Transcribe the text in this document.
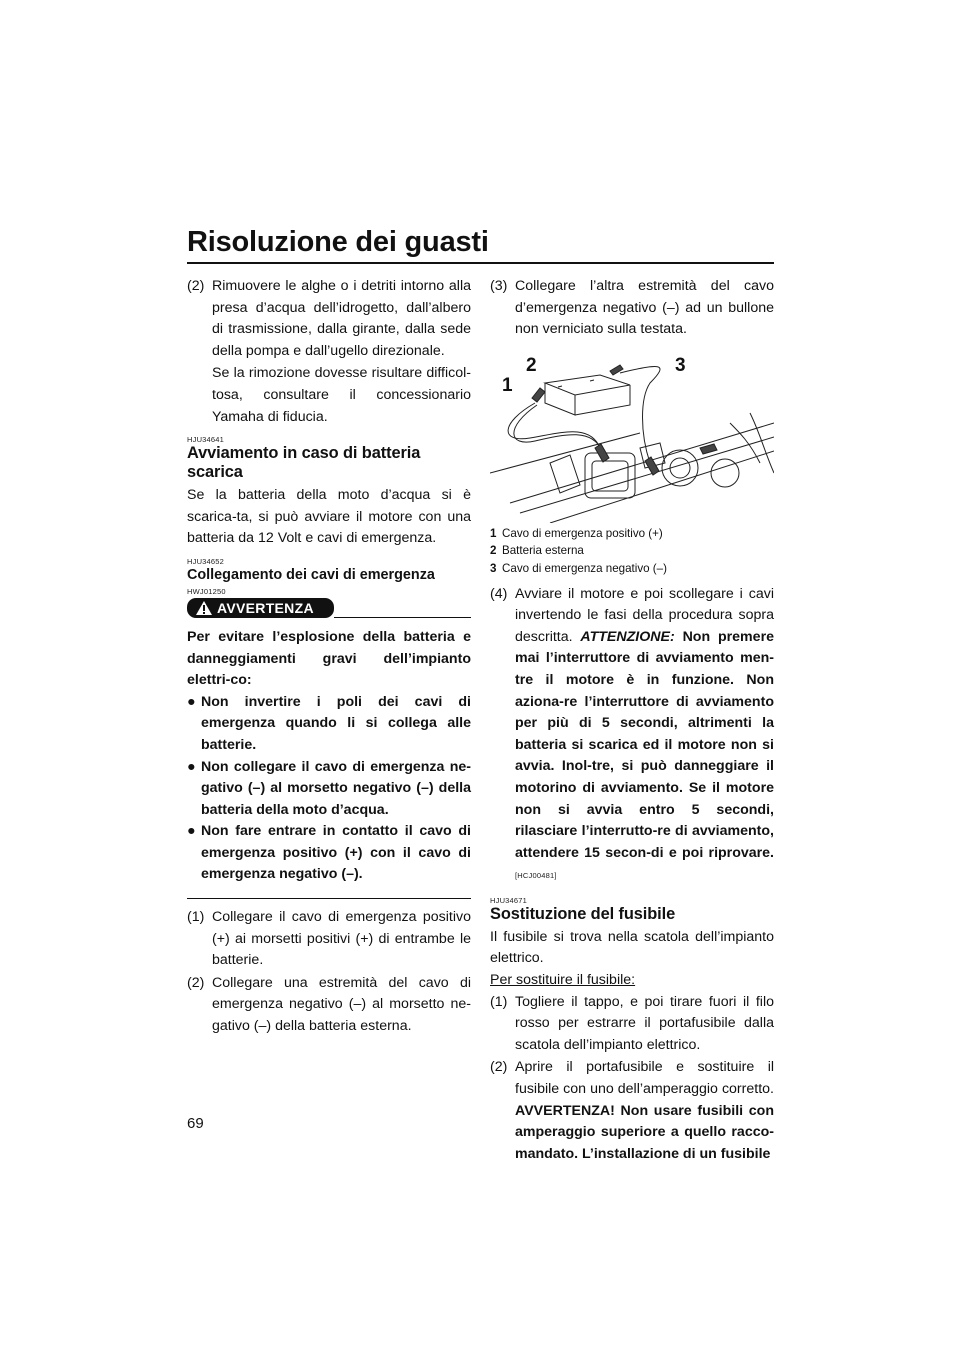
Risoluzione dei guasti
(2) Rimuovere le alghe o i detriti intorno alla presa d’acqua dell’idrogetto, dall’albero di trasmissione, dalla girante, dalla sede della pompa e dall’ugello direzionale.
Se la rimozione dovesse risultare difficol-tosa, consultare il concessionario Yamaha di fiducia.
HJU34641
Avviamento in caso di batteria scarica

Se la batteria della moto d’acqua si è scarica-ta, si può avviare il motore con una batteria da 12 Volt e cavi di emergenza.

HJU34652
Collegamento dei cavi di emergenza
HWJ01250
AVVERTENZA

Per evitare l’esplosione della batteria e danneggiamenti gravi dell’impianto elettri-co:

● Non invertire i poli dei cavi di emergenza quando li si collega alle batterie.
● Non collegare il cavo di emergenza ne-gativo (–) al morsetto negativo (–) della batteria della moto d’acqua.
● Non fare entrare in contatto il cavo di emergenza positivo (+) con il cavo di emergenza negativo (–).
(1) Collegare il cavo di emergenza positivo (+) ai morsetti positivi (+) di entrambe le batterie.
(2) Collegare una estremità del cavo di emergenza negativo (–) al morsetto ne-gativo (–) della batteria esterna.
(3) Collegare l’altra estremità del cavo d’emergenza negativo (–) ad un bullone non verniciato sulla testata.
1
2	3
1 Cavo di emergenza positivo (+)
2 Batteria esterna
3 Cavo di emergenza negativo (–)
(4) Avviare il motore e poi scollegare i cavi invertendo le fasi della procedura sopra descritta. ATTENZIONE: Non premere mai l’interruttore di avviamento men-tre il motore è in funzione. Non aziona-re l’interruttore di avviamento per più di 5 secondi, altrimenti la batteria si scarica ed il motore non si avvia. Inol-tre, si può danneggiare il motorino di avviamento. Se il motore non si avvia entro 5 secondi, rilasciare l’interrutto-re di avviamento, attendere 15 secon-di e poi riprovare. [HCJ00481]
HJU34671
Sostituzione del fusibile

Il fusibile si trova nella scatola dell’impianto elettrico.

Per sostituire il fusibile:

(1) Togliere il tappo, e poi tirare fuori il filo rosso per estrarre il portafusibile dalla scatola dell’impianto elettrico.
(2) Aprire il portafusibile e sostituire il fusibile con uno dell’amperaggio corretto. AVVERTENZA! Non usare fusibili con amperaggio superiore a quello racco-mandato. L’installazione di un fusibile
69
